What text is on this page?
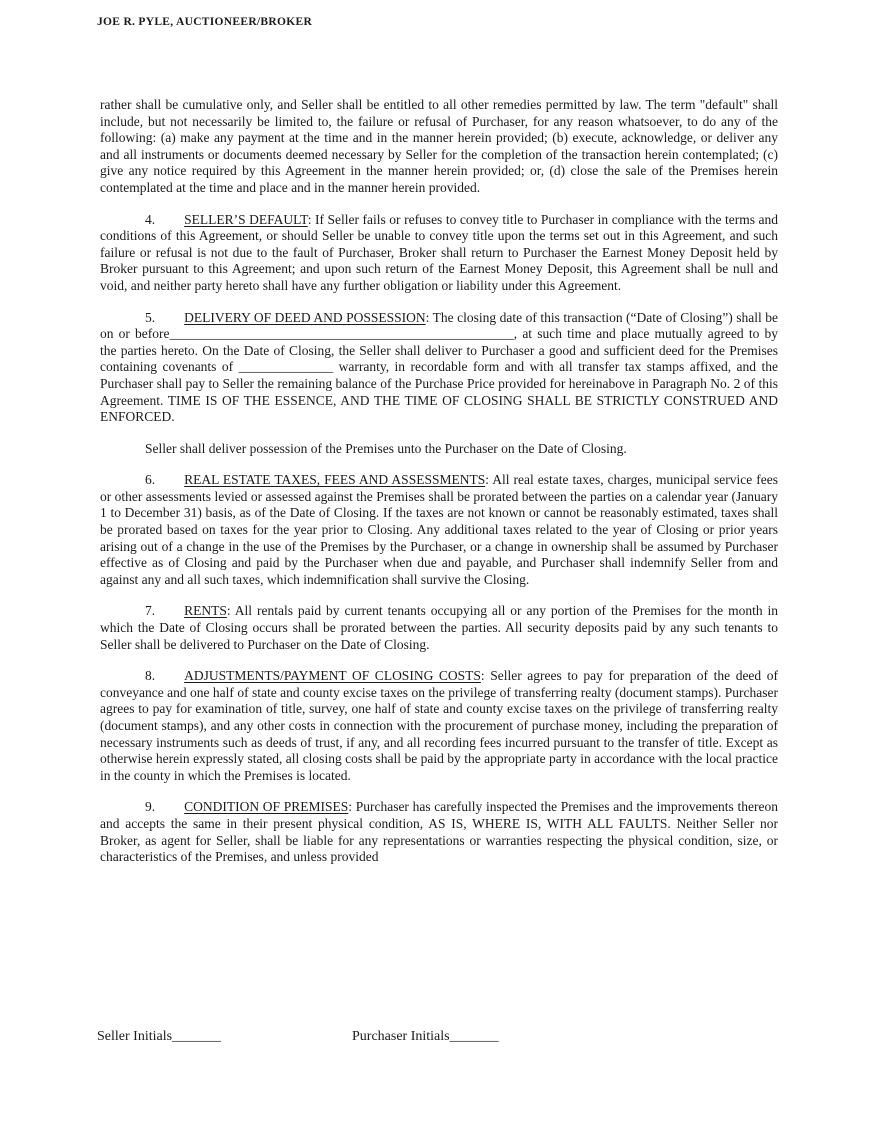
JOE R. PYLE, AUCTIONEER/BROKER

rather shall be cumulative only, and Seller shall be entitled to all other remedies permitted by law. The term "default" shall include, but not necessarily be limited to, the failure or refusal of Purchaser, for any reason whatsoever, to do any of the following: (a) make any payment at the time and in the manner herein provided; (b) execute, acknowledge, or deliver any and all instruments or documents deemed necessary by Seller for the completion of the transaction herein contemplated; (c) give any notice required by this Agreement in the manner herein provided; or, (d) close the sale of the Premises herein contemplated at the time and place and in the manner herein provided.

4. SELLER’S DEFAULT: If Seller fails or refuses to convey title to Purchaser in compliance with the terms and conditions of this Agreement, or should Seller be unable to convey title upon the terms set out in this Agreement, and such failure or refusal is not due to the fault of Purchaser, Broker shall return to Purchaser the Earnest Money Deposit held by Broker pursuant to this Agreement; and upon such return of the Earnest Money Deposit, this Agreement shall be null and void, and neither party hereto shall have any further obligation or liability under this Agreement.

5. DELIVERY OF DEED AND POSSESSION: The closing date of this transaction (“Date of Closing”) shall be on or before___________________________________________________, at such time and place mutually agreed to by the parties hereto. On the Date of Closing, the Seller shall deliver to Purchaser a good and sufficient deed for the Premises containing covenants of ______________ warranty, in recordable form and with all transfer tax stamps affixed, and the Purchaser shall pay to Seller the remaining balance of the Purchase Price provided for hereinabove in Paragraph No. 2 of this Agreement. TIME IS OF THE ESSENCE, AND THE TIME OF CLOSING SHALL BE STRICTLY CONSTRUED AND ENFORCED.

Seller shall deliver possession of the Premises unto the Purchaser on the Date of Closing.

6. REAL ESTATE TAXES, FEES AND ASSESSMENTS: All real estate taxes, charges, municipal service fees or other assessments levied or assessed against the Premises shall be prorated between the parties on a calendar year (January 1 to December 31) basis, as of the Date of Closing. If the taxes are not known or cannot be reasonably estimated, taxes shall be prorated based on taxes for the year prior to Closing. Any additional taxes related to the year of Closing or prior years arising out of a change in the use of the Premises by the Purchaser, or a change in ownership shall be assumed by Purchaser effective as of Closing and paid by the Purchaser when due and payable, and Purchaser shall indemnify Seller from and against any and all such taxes, which indemnification shall survive the Closing.

7. RENTS: All rentals paid by current tenants occupying all or any portion of the Premises for the month in which the Date of Closing occurs shall be prorated between the parties. All security deposits paid by any such tenants to Seller shall be delivered to Purchaser on the Date of Closing.

8. ADJUSTMENTS/PAYMENT OF CLOSING COSTS: Seller agrees to pay for preparation of the deed of conveyance and one half of state and county excise taxes on the privilege of transferring realty (document stamps). Purchaser agrees to pay for examination of title, survey, one half of state and county excise taxes on the privilege of transferring realty (document stamps), and any other costs in connection with the procurement of purchase money, including the preparation of necessary instruments such as deeds of trust, if any, and all recording fees incurred pursuant to the transfer of title. Except as otherwise herein expressly stated, all closing costs shall be paid by the appropriate party in accordance with the local practice in the county in which the Premises is located.

9. CONDITION OF PREMISES: Purchaser has carefully inspected the Premises and the improvements thereon and accepts the same in their present physical condition, AS IS, WHERE IS, WITH ALL FAULTS. Neither Seller nor Broker, as agent for Seller, shall be liable for any representations or warranties respecting the physical condition, size, or characteristics of the Premises, and unless provided

Seller Initials_______	Purchaser Initials_______
